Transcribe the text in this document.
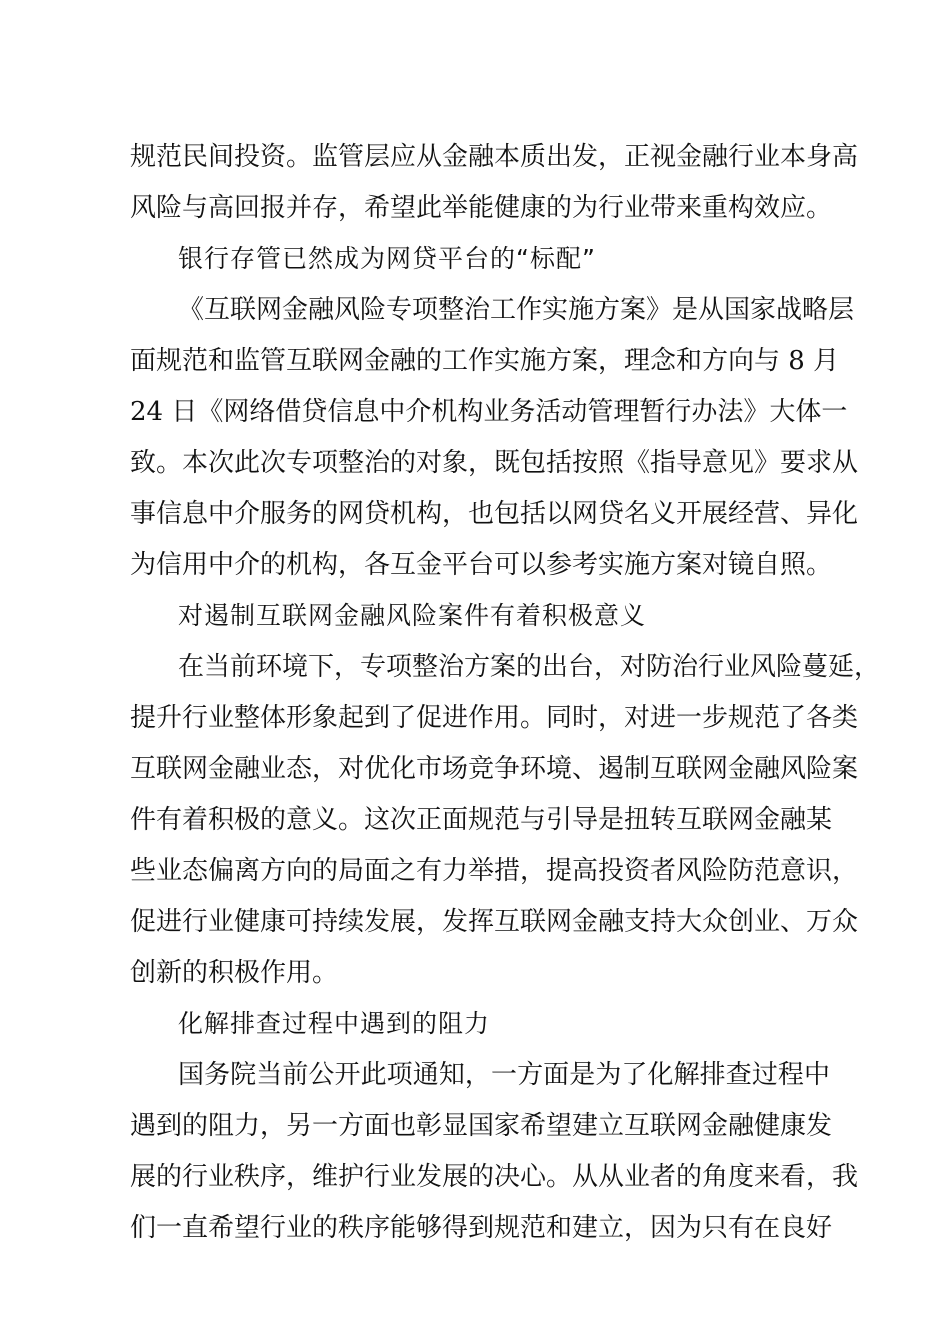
规范民间投资。监管层应从金融本质出发，正视金融行业本身高
风险与高回报并存，希望此举能健康的为行业带来重构效应。
银行存管已然成为网贷平台的“标配”
《互联网金融风险专项整治工作实施方案》是从国家战略层
面规范和监管互联网金融的工作实施方案，理念和方向与 8 月
24 日《网络借贷信息中介机构业务活动管理暂行办法》大体一
致。本次此次专项整治的对象，既包括按照《指导意见》要求从
事信息中介服务的网贷机构，也包括以网贷名义开展经营、异化
为信用中介的机构，各互金平台可以参考实施方案对镜自照。
对遏制互联网金融风险案件有着积极意义
在当前环境下，专项整治方案的出台，对防治行业风险蔓延，
提升行业整体形象起到了促进作用。同时，对进一步规范了各类
互联网金融业态，对优化市场竞争环境、遏制互联网金融风险案
件有着积极的意义。这次正面规范与引导是扭转互联网金融某
些业态偏离方向的局面之有力举措，提高投资者风险防范意识，
促进行业健康可持续发展，发挥互联网金融支持大众创业、万众
创新的积极作用。
化解排查过程中遇到的阻力
国务院当前公开此项通知，一方面是为了化解排查过程中
遇到的阻力，另一方面也彰显国家希望建立互联网金融健康发
展的行业秩序，维护行业发展的决心。从从业者的角度来看，我
们一直希望行业的秩序能够得到规范和建立，因为只有在良好
